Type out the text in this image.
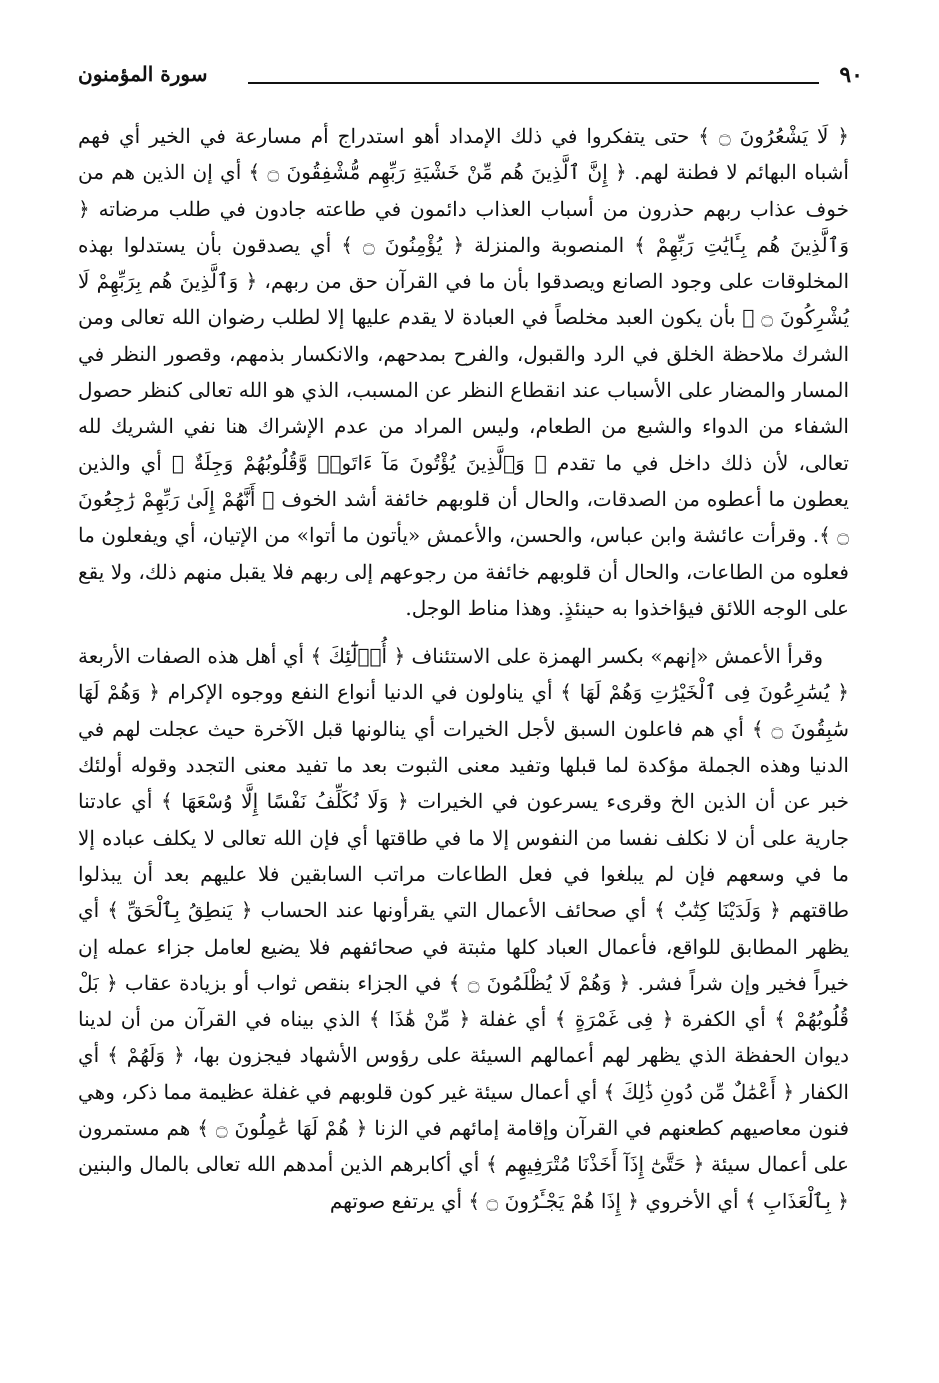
٩٠
سورة المؤمنون

﴿ لَا يَشْعُرُونَ ۝ ﴾ حتى يتفكروا في ذلك الإمداد أهو استدراج أم مسارعة في الخير أي فهم أشباه البهائم لا فطنة لهم. ﴿ إِنَّ ٱلَّذِينَ هُم مِّنْ خَشْيَةِ رَبِّهِم مُّشْفِقُونَ ۝ ﴾ أي إن الذين هم من خوف عذاب ربهم حذرون من أسباب العذاب دائمون في طاعته جادون في طلب مرضاته ﴿ وَٱلَّذِينَ هُم بِـَٔايَٰتِ رَبِّهِمْ ﴾ المنصوبة والمنزلة ﴿ يُؤْمِنُونَ ۝ ﴾ أي يصدقون بأن يستدلوا بهذه المخلوقات على وجود الصانع ويصدقوا بأن ما في القرآن حق من ربهم، ﴿ وَٱلَّذِينَ هُم بِرَبِّهِمْ لَا يُشْرِكُونَ ۝ ﴾ بأن يكون العبد مخلصاً في العبادة لا يقدم عليها إلا لطلب رضوان الله تعالى ومن الشرك ملاحظة الخلق في الرد والقبول، والفرح بمدحهم، والانكسار بذمهم، وقصور النظر في المسار والمضار على الأسباب عند انقطاع النظر عن المسبب، الذي هو الله تعالى كنظر حصول الشفاء من الدواء والشبع من الطعام، وليس المراد من عدم الإشراك هنا نفي الشريك لله تعالى، لأن ذلك داخل في ما تقدم ﴿ وَٱلَّذِينَ يُؤْتُونَ مَآ ءَاتَوا۟ وَّقُلُوبُهُمْ وَجِلَةٌ ﴾ أي والذين يعطون ما أعطوه من الصدقات، والحال أن قلوبهم خائفة أشد الخوف ﴿ أَنَّهُمْ إِلَىٰ رَبِّهِمْ رَٰجِعُونَ ۝ ﴾. وقرأت عائشة وابن عباس، والحسن، والأعمش «يأتون ما أتوا» من الإتيان، أي ويفعلون ما فعلوه من الطاعات، والحال أن قلوبهم خائفة من رجوعهم إلى ربهم فلا يقبل منهم ذلك، ولا يقع على الوجه اللائق فيؤاخذوا به حينئذٍ. وهذا مناط الوجل.

وقرأ الأعمش «إنهم» بكسر الهمزة على الاستئناف ﴿ أُو۟لَٰٓئِكَ ﴾ أي أهل هذه الصفات الأربعة ﴿ يُسَٰرِعُونَ فِى ٱلْخَيْرَٰتِ وَهُمْ لَهَا ﴾ أي يناولون في الدنيا أنواع النفع ووجوه الإكرام ﴿ وَهُمْ لَهَا سَٰبِقُونَ ۝ ﴾ أي هم فاعلون السبق لأجل الخيرات أي ينالونها قبل الآخرة حيث عجلت لهم في الدنيا وهذه الجملة مؤكدة لما قبلها وتفيد معنى الثبوت بعد ما تفيد معنى التجدد وقوله أولئك خبر عن أن الذين الخ وقرىء يسرعون في الخيرات ﴿ وَلَا نُكَلِّفُ نَفْسًا إِلَّا وُسْعَهَا ﴾ أي عادتنا جارية على أن لا نكلف نفسا من النفوس إلا ما في طاقتها أي فإن الله تعالى لا يكلف عباده إلا ما في وسعهم فإن لم يبلغوا في فعل الطاعات مراتب السابقين فلا عليهم بعد أن يبذلوا طاقتهم ﴿ وَلَدَيْنَا كِتَٰبٌ ﴾ أي صحائف الأعمال التي يقرأونها عند الحساب ﴿ يَنطِقُ بِٱلْحَقِّ ﴾ أي يظهر المطابق للواقع، فأعمال العباد كلها مثبتة في صحائفهم فلا يضيع لعامل جزاء عمله إن خيراً فخير وإن شراً فشر. ﴿ وَهُمْ لَا يُظْلَمُونَ ۝ ﴾ في الجزاء بنقص ثواب أو بزيادة عقاب ﴿ بَلْ قُلُوبُهُمْ ﴾ أي الكفرة ﴿ فِى غَمْرَةٍ ﴾ أي غفلة ﴿ مِّنْ هَٰذَا ﴾ الذي بيناه في القرآن من أن لدينا ديوان الحفظة الذي يظهر لهم أعمالهم السيئة على رؤوس الأشهاد فيجزون بها، ﴿ وَلَهُمْ ﴾ أي الكفار ﴿ أَعْمَٰلٌ مِّن دُونِ ذَٰلِكَ ﴾ أي أعمال سيئة غير كون قلوبهم في غفلة عظيمة مما ذكر، وهي فنون معاصيهم كطعنهم في القرآن وإقامة إمائهم في الزنا ﴿ هُمْ لَهَا عَٰمِلُونَ ۝ ﴾ هم مستمرون على أعمال سيئة ﴿ حَتَّىٰٓ إِذَآ أَخَذْنَا مُتْرَفِيهِم ﴾ أي أكابرهم الذين أمدهم الله تعالى بالمال والبنين ﴿ بِٱلْعَذَابِ ﴾ أي الأخروي ﴿ إِذَا هُمْ يَجْـَٔرُونَ ۝ ﴾ أي يرتفع صوتهم
